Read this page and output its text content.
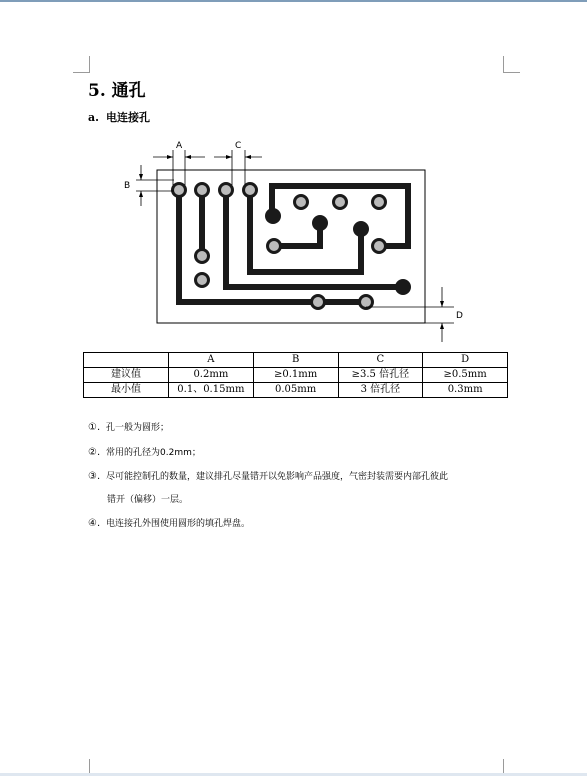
5. 通孔
a. 电连接孔
A	C
B
D
	A	B	C	D
建议值	0.2mm	≥0.1mm	≥3.5 倍孔径	≥0.5mm
最小值	0.1、0.15mm	0.05mm	3 倍孔径	0.3mm
①. 孔一般为圆形；
②. 常用的孔径为0.2mm；
③. 尽可能控制孔的数量，建议排孔尽量错开以免影响产品强度，气密封装需要内部孔彼此
错开（偏移）一层。
④. 电连接孔外围使用圆形的填孔焊盘。
